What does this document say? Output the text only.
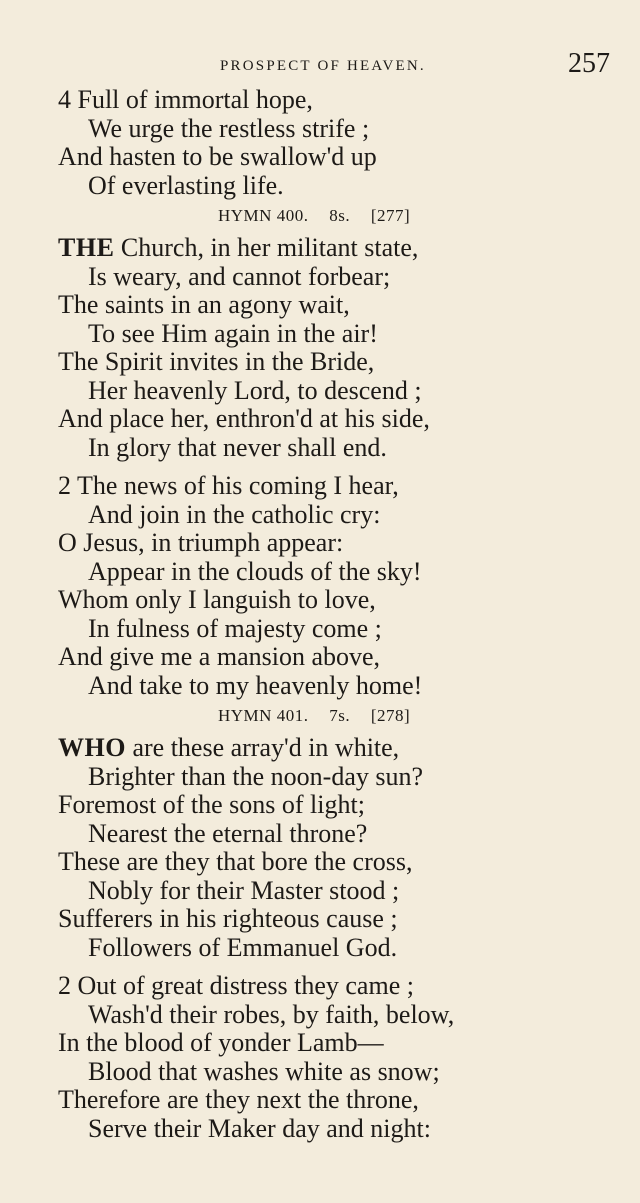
PROSPECT OF HEAVEN.	257
4 Full of immortal hope,
We urge the restless strife ;
And hasten to be swallow'd up
Of everlasting life.
HYMN 400. 8s. [277]
THE Church, in her militant state,
Is weary, and cannot forbear;
The saints in an agony wait,
To see Him again in the air!
The Spirit invites in the Bride,
Her heavenly Lord, to descend ;
And place her, enthron'd at his side,
In glory that never shall end.
2 The news of his coming I hear,
And join in the catholic cry:
O Jesus, in triumph appear:
Appear in the clouds of the sky!
Whom only I languish to love,
In fulness of majesty come ;
And give me a mansion above,
And take to my heavenly home!
HYMN 401. 7s. [278]
WHO are these array'd in white,
Brighter than the noon-day sun?
Foremost of the sons of light;
Nearest the eternal throne?
These are they that bore the cross,
Nobly for their Master stood ;
Sufferers in his righteous cause ;
Followers of Emmanuel God.
2 Out of great distress they came ;
Wash'd their robes, by faith, below,
In the blood of yonder Lamb—
Blood that washes white as snow;
Therefore are they next the throne,
Serve their Maker day and night:
